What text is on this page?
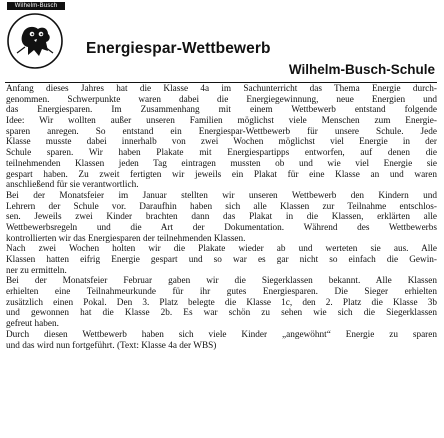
Wilhelm-Busch
Energiespar-Wettbewerb
Wilhelm-Busch-Schule
Anfang dieses Jahres hat die Klasse 4a im Sachunterricht das Thema Energie durch-
genommen. Schwerpunkte waren dabei die Energiegewinnung, neue Energien und
das Energiesparen. Im Zusammenhang mit einem Wettbewerb entstand folgende
Idee: Wir wollten außer unseren Familien möglichst viele Menschen zum Energie-
sparen anregen. So entstand ein Energiespar-Wettbewerb für unsere Schule. Jede
Klasse musste dabei innerhalb von zwei Wochen möglichst viel Energie in der
Schule sparen. Wir haben Plakate mit Energiespartipps entworfen, auf denen die
teilnehmenden Klassen jeden Tag eintragen mussten ob und wie viel Energie sie
gespart haben. Zu zweit fertigten wir jeweils ein Plakat für eine Klasse an und waren
anschließend für sie verantwortlich.
Bei der Monatsfeier im Januar stellten wir unseren Wettbewerb den Kindern und
Lehrern der Schule vor. Daraufhin haben sich alle Klassen zur Teilnahme entschlos-
sen. Jeweils zwei Kinder brachten dann das Plakat in die Klassen, erklärten alle
Wettbewerbsregeln und die Art der Dokumentation. Während des Wettbewerbs
kontrollierten wir das Energiesparen der teilnehmenden Klassen.
Nach zwei Wochen holten wir die Plakate wieder ab und werteten sie aus. Alle
Klassen hatten eifrig Energie gespart und so war es gar nicht so einfach die Gewin-
ner zu ermitteln.
Bei der Monatsfeier Februar gaben wir die Siegerklassen bekannt. Alle Klassen
erhielten eine Teilnahmeurkunde für ihr gutes Energiesparen. Die Sieger erhielten
zusätzlich einen Pokal. Den 3. Platz belegte die Klasse 1c, den 2. Platz die Klasse 3b
und gewonnen hat die Klasse 2b. Es war schön zu sehen wie sich die Siegerklassen
gefreut haben.
Durch diesen Wettbewerb haben sich viele Kinder „angewöhnt“ Energie zu sparen
und das wird nun fortgeführt. (Text: Klasse 4a der WBS)
